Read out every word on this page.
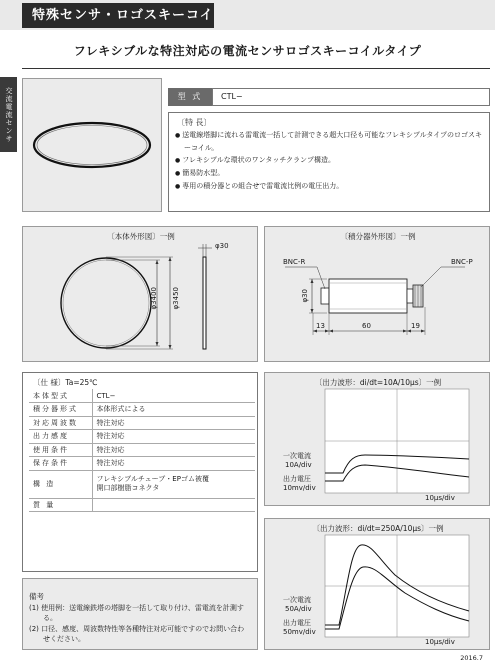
特殊センサ・ロゴスキーコイル
フレキシブルな特注対応の電流センサロゴスキーコイルタイプ
交流電流センサ	型 式	CTL−
〔特 長〕
● 送電線塔脚に流れる雷電流一括して計測できる超大口径も可能なフレキシブルタイプのロゴスキーコイル。
● フレキシブルな環状のワンタッチクランプ構造。
● 簡易防水型。
● 専用の積分器との組合せで雷電流比例の電圧出力。
〔本体外形図〕一例
φ3400 φ3450
φ30
〔積分器外形図〕一例
BNC-R	BNC-P
φ30
13	60	19
〔仕 様〕Ta=25℃
本体型式	CTL−
積分器形式	本体形式による
対応周波数	特注対応
出力感度	特注対応
使用条件	特注対応
保存条件	特注対応
構 造	フレキシブルチューブ・EPゴム被覆
開口部樹脂コネクタ
質 量	
〔出力波形：di/dt=10A/10μs〕一例
一次電流
10A/div
出力電圧
10mv/div
10μs/div
〔出力波形：di/dt=250A/10μs〕一例
一次電流
50A/div
出力電圧
50mv/div
10μs/div
備考
(1) 使用例：送電線鉄塔の塔脚を一括して取り付け、雷電流を計測する。
(2) 口径、感度、周波数特性等各種特注対応可能ですのでお問い合わせください。
2016.7
